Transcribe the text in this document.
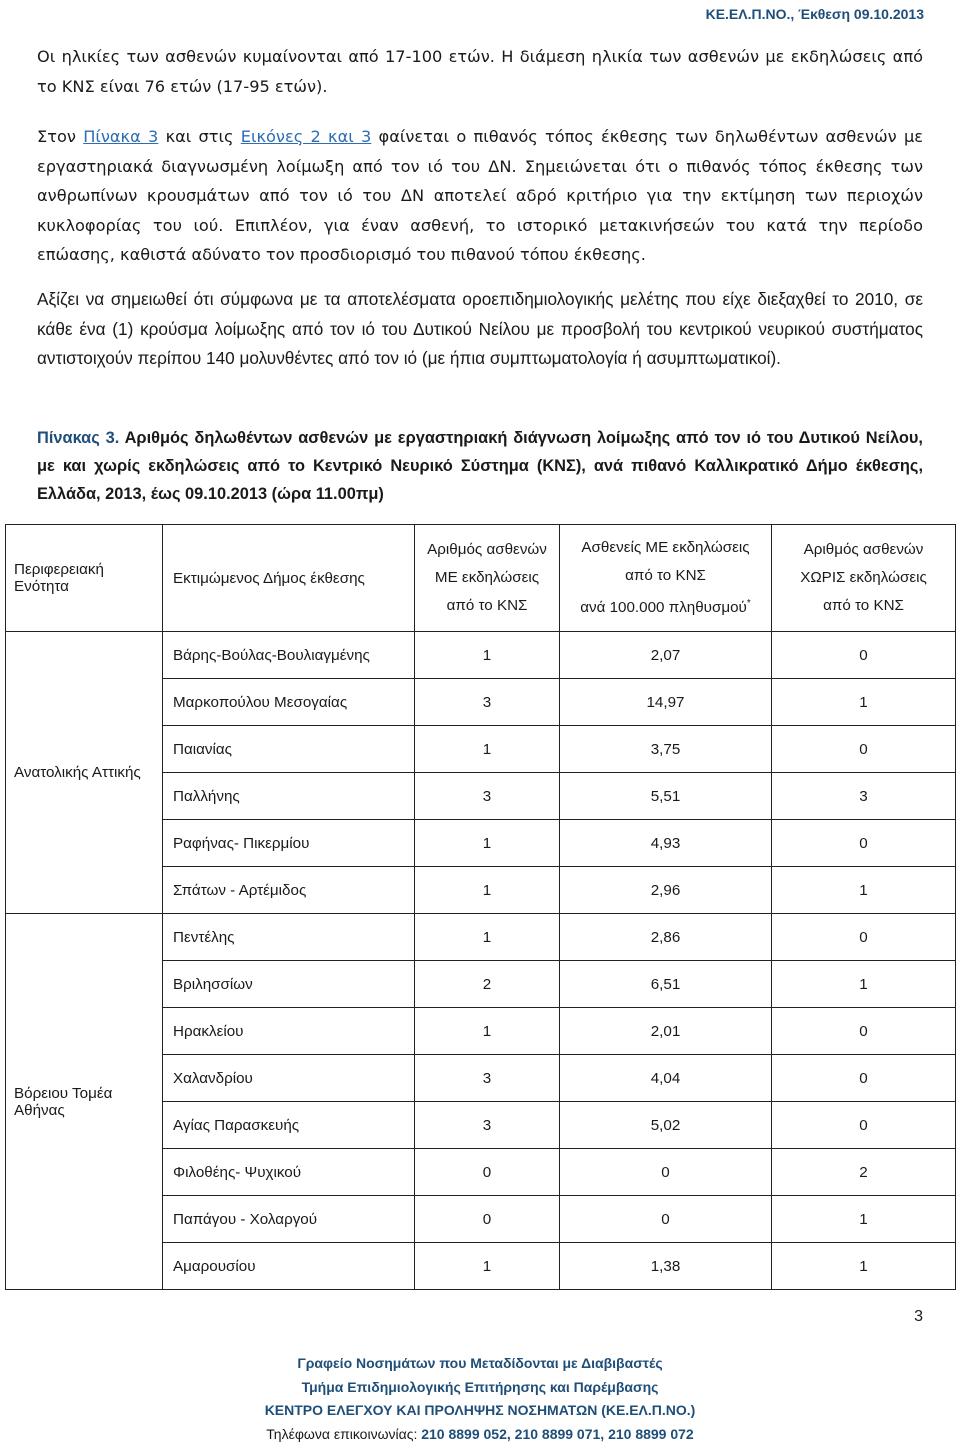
ΚΕ.ΕΛ.Π.ΝΟ., Έκθεση 09.10.2013
Οι ηλικίες των ασθενών κυμαίνονται από 17-100 ετών. Η διάμεση ηλικία των ασθενών με εκδηλώσεις από το ΚΝΣ είναι 76 ετών (17-95 ετών).
Στον Πίνακα 3 και στις Εικόνες 2 και 3 φαίνεται ο πιθανός τόπος έκθεσης των δηλωθέντων ασθενών με εργαστηριακά διαγνωσμένη λοίμωξη από τον ιό του ΔΝ. Σημειώνεται ότι ο πιθανός τόπος έκθεσης των ανθρωπίνων κρουσμάτων από τον ιό του ΔΝ αποτελεί αδρό κριτήριο για την εκτίμηση των περιοχών κυκλοφορίας του ιού. Επιπλέον, για έναν ασθενή, το ιστορικό μετακινήσεών του κατά την περίοδο επώασης, καθιστά αδύνατο τον προσδιορισμό του πιθανού τόπου έκθεσης.
Αξίζει να σημειωθεί ότι σύμφωνα με τα αποτελέσματα οροεπιδημιολογικής μελέτης που είχε διεξαχθεί το 2010, σε κάθε ένα (1) κρούσμα λοίμωξης από τον ιό του Δυτικού Νείλου με προσβολή του κεντρικού νευρικού συστήματος αντιστοιχούν περίπου 140 μολυνθέντες από τον ιό (με ήπια συμπτωματολογία ή ασυμπτωματικοί).
Πίνακας 3. Αριθμός δηλωθέντων ασθενών με εργαστηριακή διάγνωση λοίμωξης από τον ιό του Δυτικού Νείλου, με και χωρίς εκδηλώσεις από το Κεντρικό Νευρικό Σύστημα (ΚΝΣ), ανά πιθανό Καλλικρατικό Δήμο έκθεσης, Ελλάδα, 2013, έως 09.10.2013 (ώρα 11.00πμ)
Περιφερειακή Ενότητα	Εκτιμώμενος Δήμος έκθεσης	Αριθμός ασθενών
ΜΕ εκδηλώσεις
από το ΚΝΣ	Ασθενείς ΜΕ εκδηλώσεις
από το ΚΝΣ
ανά 100.000 πληθυσμού*	Αριθμός ασθενών
ΧΩΡΙΣ εκδηλώσεις
από το ΚΝΣ

Ανατολικής Αττικής	Βάρης-Βούλας-Βουλιαγμένης	1	2,07	0
	Μαρκοπούλου Μεσογαίας	3	14,97	1
	Παιανίας	1	3,75	0
	Παλλήνης	3	5,51	3
	Ραφήνας- Πικερμίου	1	4,93	0
	Σπάτων - Αρτέμιδος	1	2,96	1
Βόρειου Τομέα Αθήνας	Πεντέλης	1	2,86	0
	Βριλησσίων	2	6,51	1
	Ηρακλείου	1	2,01	0
	Χαλανδρίου	3	4,04	0
	Αγίας Παρασκευής	3	5,02	0
	Φιλοθέης- Ψυχικού	0	0	2
	Παπάγου - Χολαργού	0	0	1
	Αμαρουσίου	1	1,38	1
3
Γραφείο Νοσημάτων που Μεταδίδονται με Διαβιβαστές
Τμήμα Επιδημιολογικής Επιτήρησης και Παρέμβασης
ΚΕΝΤΡΟ ΕΛΕΓΧΟΥ ΚΑΙ ΠΡΟΛΗΨΗΣ ΝΟΣΗΜΑΤΩΝ (ΚΕ.ΕΛ.Π.ΝΟ.)
Τηλέφωνα επικοινωνίας: 210 8899 052, 210 8899 071, 210 8899 072
